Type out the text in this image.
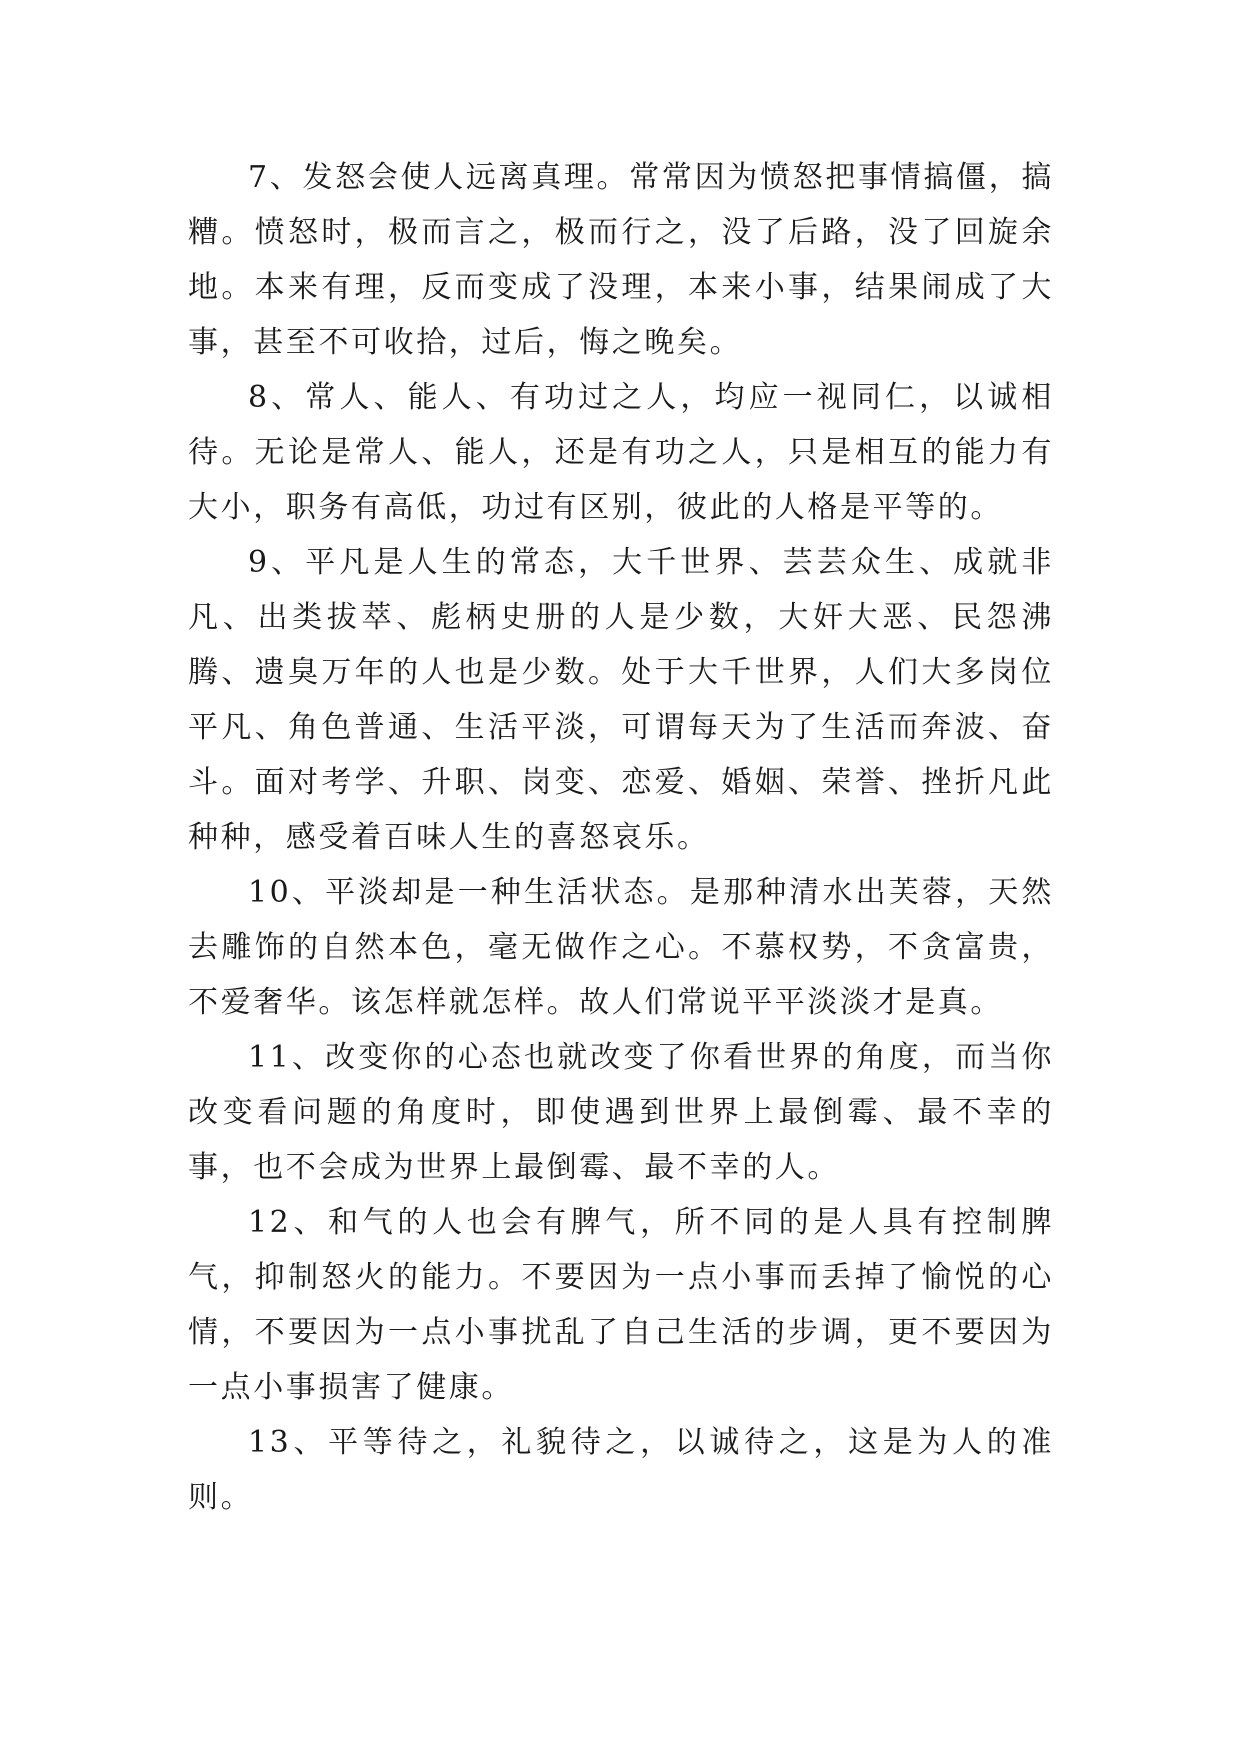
7、发怒会使人远离真理。常常因为愤怒把事情搞僵，搞糟。愤怒时，极而言之，极而行之，没了后路，没了回旋余地。本来有理，反而变成了没理，本来小事，结果闹成了大事，甚至不可收拾，过后，悔之晚矣。

8、常人、能人、有功过之人，均应一视同仁，以诚相待。无论是常人、能人，还是有功之人，只是相互的能力有大小，职务有高低，功过有区别，彼此的人格是平等的。

9、平凡是人生的常态，大千世界、芸芸众生、成就非凡、出类拔萃、彪柄史册的人是少数，大奸大恶、民怨沸腾、遗臭万年的人也是少数。处于大千世界，人们大多岗位平凡、角色普通、生活平淡，可谓每天为了生活而奔波、奋斗。面对考学、升职、岗变、恋爱、婚姻、荣誉、挫折凡此种种，感受着百味人生的喜怒哀乐。

10、平淡却是一种生活状态。是那种清水出芙蓉，天然去雕饰的自然本色，毫无做作之心。不慕权势，不贪富贵，不爱奢华。该怎样就怎样。故人们常说平平淡淡才是真。

11、改变你的心态也就改变了你看世界的角度，而当你改变看问题的角度时，即使遇到世界上最倒霉、最不幸的事，也不会成为世界上最倒霉、最不幸的人。

12、和气的人也会有脾气，所不同的是人具有控制脾气，抑制怒火的能力。不要因为一点小事而丢掉了愉悦的心情，不要因为一点小事扰乱了自己生活的步调，更不要因为一点小事损害了健康。

13、平等待之，礼貌待之，以诚待之，这是为人的准则。
